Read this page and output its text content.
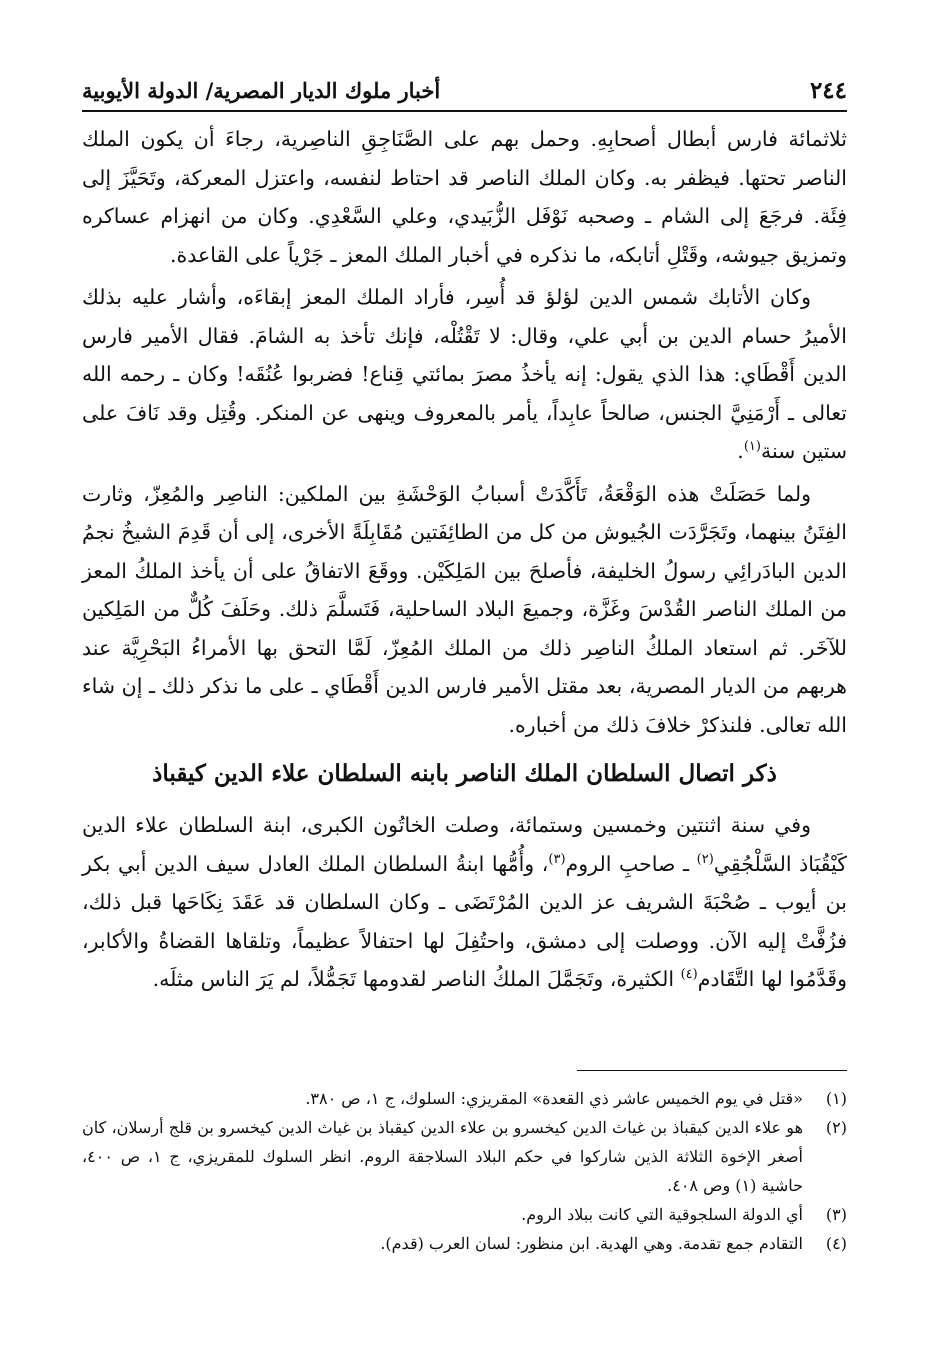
٢٤٤
أخبار ملوك الديار المصرية/ الدولة الأيوبية

ثلاثمائة فارس أبطال أصحابِهِ. وحمل بهم على الصَّنَاجِقِ الناصِرية، رجاءَ أن يكون الملك الناصر تحتها. فيظفر به. وكان الملك الناصر قد احتاط لنفسه، واعتزل المعركة، وتَحَيَّزَ إلى فِئَة. فرجَعَ إلى الشام ـ وصحبه نَوْفَل الزُّبَيدي، وعلي السَّعْدِي. وكان من انهزام عساكره وتمزيق جيوشه، وقَتْلِ أتابكه، ما نذكره في أخبار الملك المعز ـ جَرْياً على القاعدة.

وكان الأتابك شمس الدين لؤلؤ قد أُسِر، فأراد الملك المعز إبقاءَه، وأشار عليه بذلك الأميرُ حسام الدين بن أبي علي، وقال: لا تَقْتُلْه، فإنك تأخذ به الشامَ. فقال الأمير فارس الدين أَقْطَاي: هذا الذي يقول: إنه يأخذُ مصرَ بمائتي قِناع! فضربوا عُنُقَه! وكان ـ رحمه الله تعالى ـ أَرْمَنِيَّ الجنس، صالحاً عابِداً، يأمر بالمعروف وينهى عن المنكر. وقُتِل وقد نَافَ على ستين سنة$^{(١)}$.

ولما حَصَلَتْ هذه الوَقْعَةُ، تَأَكَّدَتْ أسبابُ الوَحْشَةِ بين الملكين: الناصِر والمُعِزّ، وثارت الفِتَنُ بينهما، وتَجَرَّدَت الجُيوش من كل من الطائِفَتين مُقَابِلَةً الأخرى، إلى أن قَدِمَ الشيخُ نجمُ الدين البادَرائِي رسولُ الخليفة، فأصلحَ بين المَلِكَيْن. ووقَعَ الاتفاقُ على أن يأخذ الملكُ المعز من الملك الناصر القُدْسَ وغَزَّة، وجميعَ البلاد الساحلية، فَتَسلَّمَ ذلك. وحَلَفَ كُلٌّ من المَلِكين للآخَر. ثم استعاد الملكُ الناصِر ذلك من الملك المُعِزّ، لَمَّا التحق بها الأمراءُ البَحْرِيَّة عند هربهم من الديار المصرية، بعد مقتل الأمير فارس الدين أَقْطَاي ـ على ما نذكر ذلك ـ إن شاء الله تعالى. فلنذكرْ خلافَ ذلك من أخباره.

ذكر اتصال السلطان الملك الناصر بابنه السلطان علاء الدين كيقباذ

وفي سنة اثنتين وخمسين وستمائة، وصلت الخاتُون الكبرى، ابنة السلطان علاء الدين كَيْقُبَاذ السَّلْجُقِي$^{(٢)}$ ـ صاحبِ الروم$^{(٣)}$، وأُمُّها ابنةُ السلطان الملك العادل سيف الدين أبي بكر بن أيوب ـ صُحْبَةَ الشريف عز الدين المُرْتَضَى ـ وكان السلطان قد عَقَدَ نِكَاحَها قبل ذلك، فزُفَّتْ إليه الآن. ووصلت إلى دمشق، واحتُفِلَ لها احتفالاً عظيماً، وتلقاها القضاةُ والأكابر، وقَدَّمُوا لها التَّقَادم$^{(٤)}$ الكثيرة، وتَجَمَّلَ الملكُ الناصر لقدومها تَجَمُّلاً، لم يَرَ الناس مثلَه.

(١)
«قتل في يوم الخميس عاشر ذي القعدة» المقريزي: السلوك، ج ١، ص ٣٨٠.
(٢)
هو علاء الدين كيقباذ بن غياث الدين كيخسرو بن علاء الدين كيقباذ بن غياث الدين كيخسرو بن قلج أرسلان، كان أصغر الإخوة الثلاثة الذين شاركوا في حكم البلاد السلاجقة الروم. انظر السلوك للمقريزي، ج ١، ص ٤٠٠، حاشية (١) وص ٤٠٨.
(٣)
أي الدولة السلجوقية التي كانت ببلاد الروم.
(٤)
التقادم جمع تقدمة. وهي الهدية. ابن منظور: لسان العرب (قدم).
